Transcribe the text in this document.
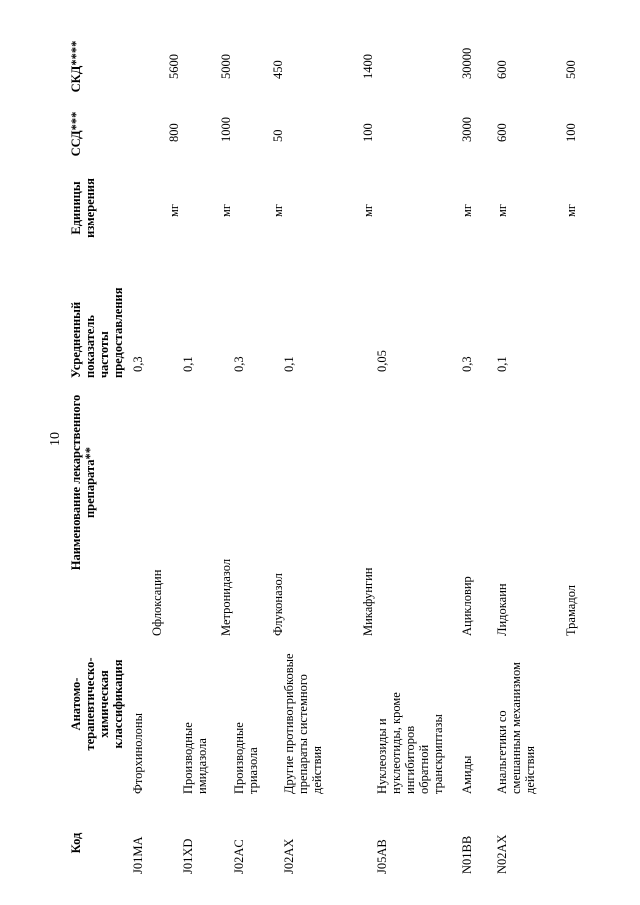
10
Код
Анатомо-терапевтическо-химическая классификация
Наименование лекарственного препарата**
Усредненный показатель частоты предоставления
Единицы измерения
ССД***
СКД****
J01MA
Фторхинолоны
Офлоксацин
0,3
мг
800
5600
J01XD
Производные имидазола
Метронидазол
0,1
мг
1000
5000
J02AC
Производные триазола
Флуконазол
0,3
мг
50
450
J02AX
Другие противогрибковые препараты системного действия
Микафунгин
0,1
мг
100
1400
J05AB
Нуклеозиды и нуклеотиды, кроме ингибиторов обратной транскриптазы
Ацикловир
0,05
мг
3000
30000
N01BB
Амиды
Лидокаин
0,3
мг
600
600
N02AX
Анальгетики со смешанным механизмом действия
Трамадол
0,1
мг
100
500
